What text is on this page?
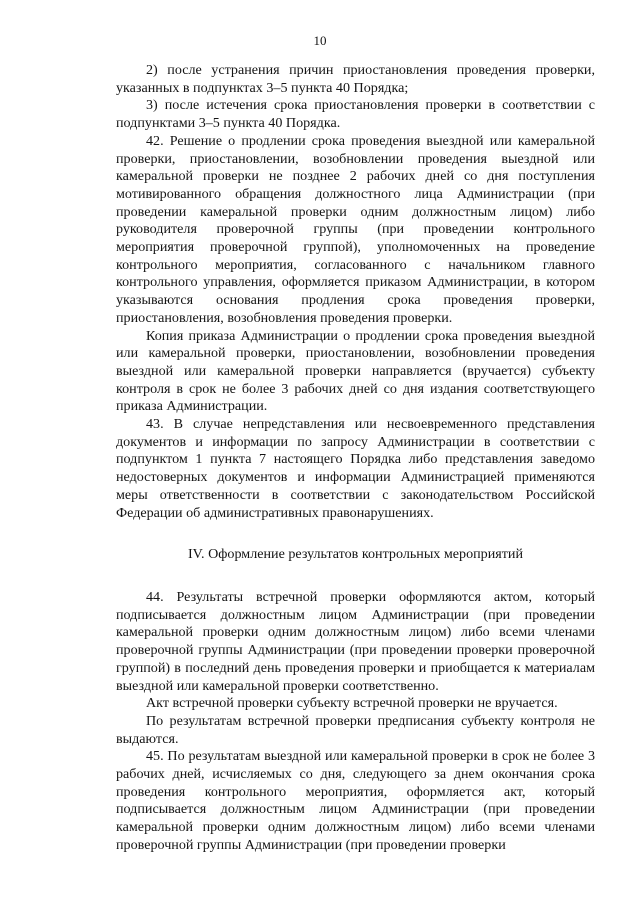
10

2) после устранения причин приостановления проведения проверки, указанных в подпунктах 3–5 пункта 40 Порядка;

3) после истечения срока приостановления проверки в соответствии с подпунктами 3–5 пункта 40 Порядка.

42. Решение о продлении срока проведения выездной или камеральной проверки, приостановлении, возобновлении проведения выездной или камеральной проверки не позднее 2 рабочих дней со дня поступления мотивированного обращения должностного лица Администрации (при проведении камеральной проверки одним должностным лицом) либо руководителя проверочной группы (при проведении контрольного мероприятия проверочной группой), уполномоченных на проведение контрольного мероприятия, согласованного с начальником главного контрольного управления, оформляется приказом Администрации, в котором указываются основания продления срока проведения проверки, приостановления, возобновления проведения проверки.

Копия приказа Администрации о продлении срока проведения выездной или камеральной проверки, приостановлении, возобновлении проведения выездной или камеральной проверки направляется (вручается) субъекту контроля в срок не более 3 рабочих дней со дня издания соответствующего приказа Администрации.

43. В случае непредставления или несвоевременного представления документов и информации по запросу Администрации в соответствии с подпунктом 1 пункта 7 настоящего Порядка либо представления заведомо недостоверных документов и информации Администрацией применяются меры ответственности в соответствии с законодательством Российской Федерации об административных правонарушениях.

IV. Оформление результатов контрольных мероприятий

44. Результаты встречной проверки оформляются актом, который подписывается должностным лицом Администрации (при проведении камеральной проверки одним должностным лицом) либо всеми членами проверочной группы Администрации (при проведении проверки проверочной группой) в последний день проведения проверки и приобщается к материалам выездной или камеральной проверки соответственно.

Акт встречной проверки субъекту встречной проверки не вручается.

По результатам встречной проверки предписания субъекту контроля не выдаются.

45. По результатам выездной или камеральной проверки в срок не более 3 рабочих дней, исчисляемых со дня, следующего за днем окончания срока проведения контрольного мероприятия, оформляется акт, который подписывается должностным лицом Администрации (при проведении камеральной проверки одним должностным лицом) либо всеми членами проверочной группы Администрации (при проведении проверки
